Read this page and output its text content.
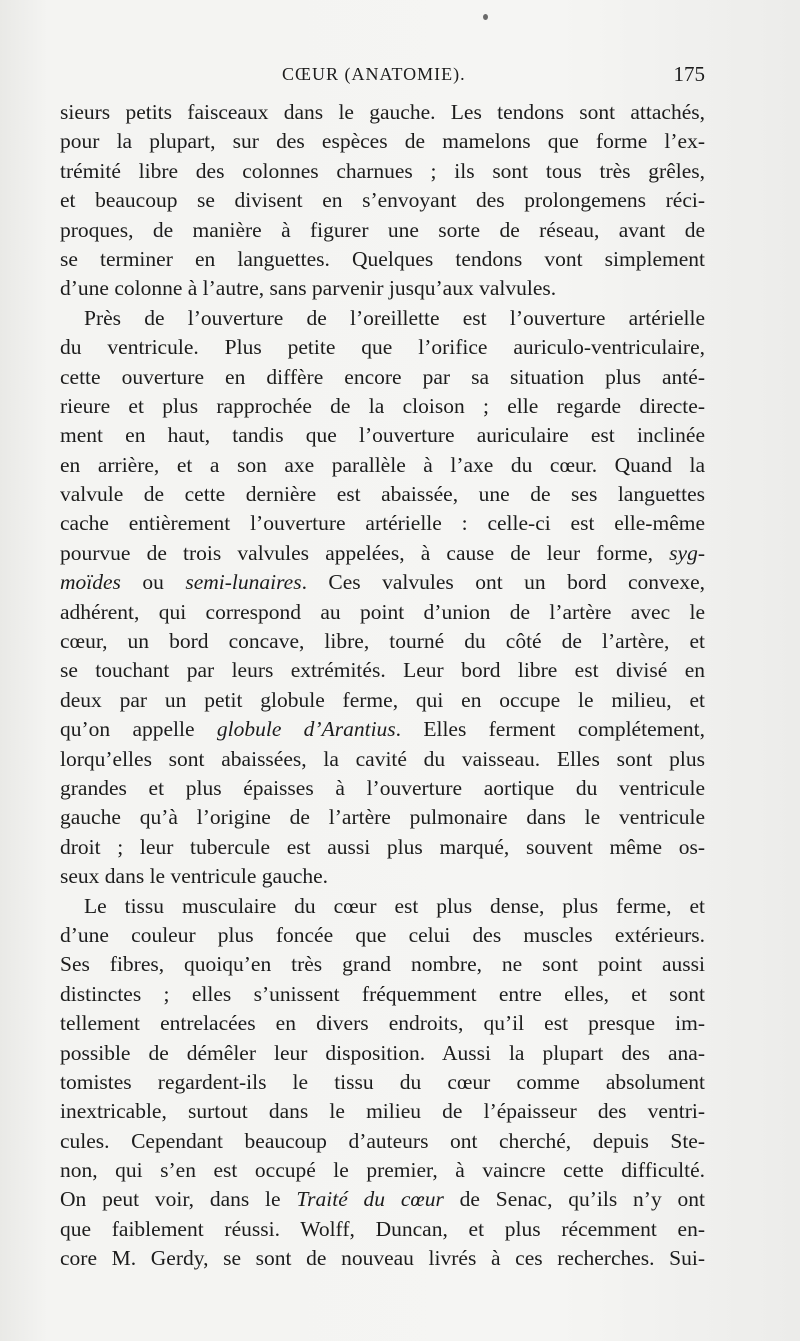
CŒUR (ANATOMIE).	175
sieurs petits faisceaux dans le gauche. Les tendons sont attachés,
pour la plupart, sur des espèces de mamelons que forme l’ex-
trémité libre des colonnes charnues ; ils sont tous très grêles,
et beaucoup se divisent en s’envoyant des prolongemens réci-
proques, de manière à figurer une sorte de réseau, avant de
se terminer en languettes. Quelques tendons vont simplement
d’une colonne à l’autre, sans parvenir jusqu’aux valvules.
Près de l’ouverture de l’oreillette est l’ouverture artérielle
du ventricule. Plus petite que l’orifice auriculo-ventriculaire,
cette ouverture en diffère encore par sa situation plus anté-
rieure et plus rapprochée de la cloison ; elle regarde directe-
ment en haut, tandis que l’ouverture auriculaire est inclinée
en arrière, et a son axe parallèle à l’axe du cœur. Quand la
valvule de cette dernière est abaissée, une de ses languettes
cache entièrement l’ouverture artérielle : celle-ci est elle-même
pourvue de trois valvules appelées, à cause de leur forme, syg-
moïdes ou semi-lunaires. Ces valvules ont un bord convexe,
adhérent, qui correspond au point d’union de l’artère avec le
cœur, un bord concave, libre, tourné du côté de l’artère, et
se touchant par leurs extrémités. Leur bord libre est divisé en
deux par un petit globule ferme, qui en occupe le milieu, et
qu’on appelle globule d’Arantius. Elles ferment complétement,
lorqu’elles sont abaissées, la cavité du vaisseau. Elles sont plus
grandes et plus épaisses à l’ouverture aortique du ventricule
gauche qu’à l’origine de l’artère pulmonaire dans le ventricule
droit ; leur tubercule est aussi plus marqué, souvent même os-
seux dans le ventricule gauche.
Le tissu musculaire du cœur est plus dense, plus ferme, et
d’une couleur plus foncée que celui des muscles extérieurs.
Ses fibres, quoiqu’en très grand nombre, ne sont point aussi
distinctes ; elles s’unissent fréquemment entre elles, et sont
tellement entrelacées en divers endroits, qu’il est presque im-
possible de démêler leur disposition. Aussi la plupart des ana-
tomistes regardent-ils le tissu du cœur comme absolument
inextricable, surtout dans le milieu de l’épaisseur des ventri-
cules. Cependant beaucoup d’auteurs ont cherché, depuis Ste-
non, qui s’en est occupé le premier, à vaincre cette difficulté.
On peut voir, dans le Traité du cœur de Senac, qu’ils n’y ont
que faiblement réussi. Wolff, Duncan, et plus récemment en-
core M. Gerdy, se sont de nouveau livrés à ces recherches. Sui-
